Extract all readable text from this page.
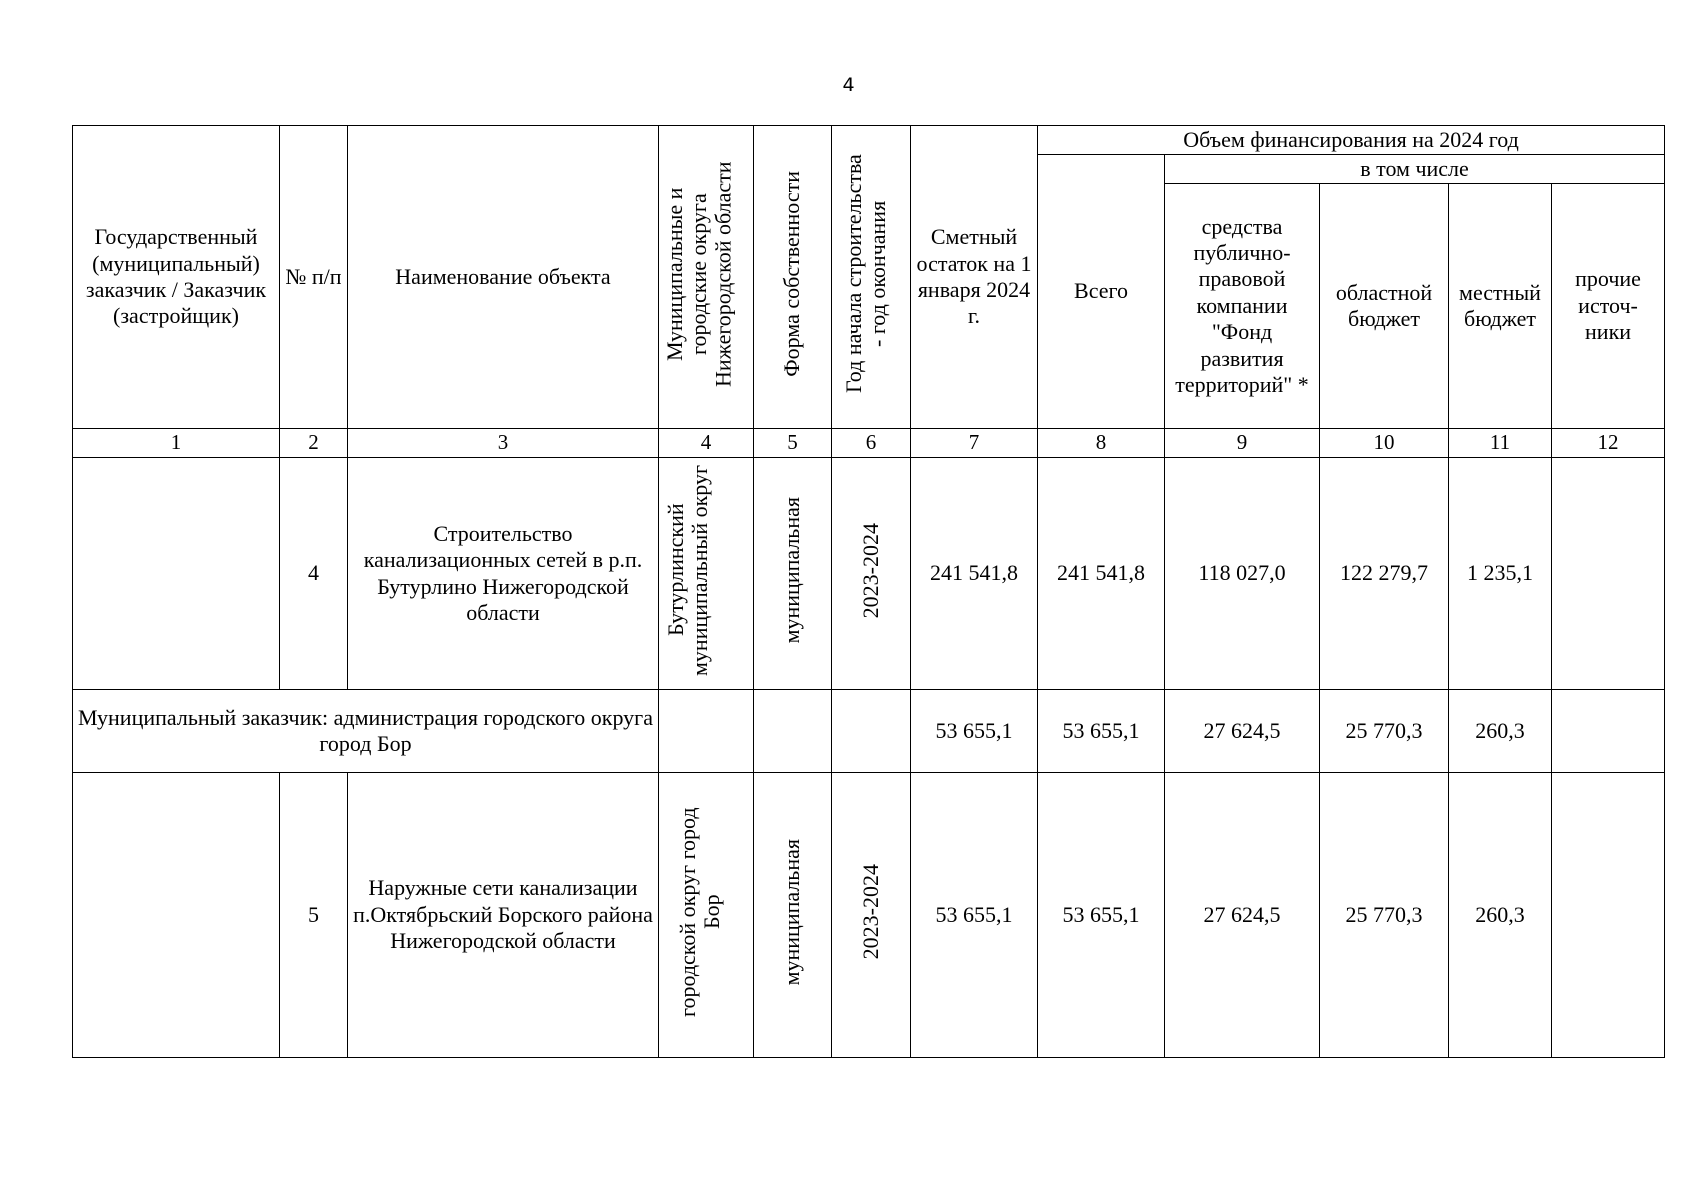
4
Государственный (муниципальный) заказчик / Заказчик (застройщик)	№ п/п	Наименование объекта	Муниципальные и городские округа Нижегородской области	Форма собственности	Год начала строительства - год окончания	Сметный остаток на 1 января 2024 г.	Объем финансирования на 2024 год				
							Всего	в том числе			
								средства публично-правовой компании "Фонд развития территорий" *	областной бюджет	местный бюджет	прочие источ-ники
1	2	3	4	5	6	7	8	9	10	11	12
	4	Строительство канализационных сетей в р.п. Бутурлино Нижегородской области	Бутурлинский муниципальный округ	муниципальная	2023-2024	241 541,8	241 541,8	118 027,0	122 279,7	1 235,1	
Муниципальный заказчик: администрация городского округа город Бор						53 655,1	53 655,1	27 624,5	25 770,3	260,3	
	5	Наружные сети канализации п.Октябрьский Борского района Нижегородской области	городской округ город Бор	муниципальная	2023-2024	53 655,1	53 655,1	27 624,5	25 770,3	260,3	
